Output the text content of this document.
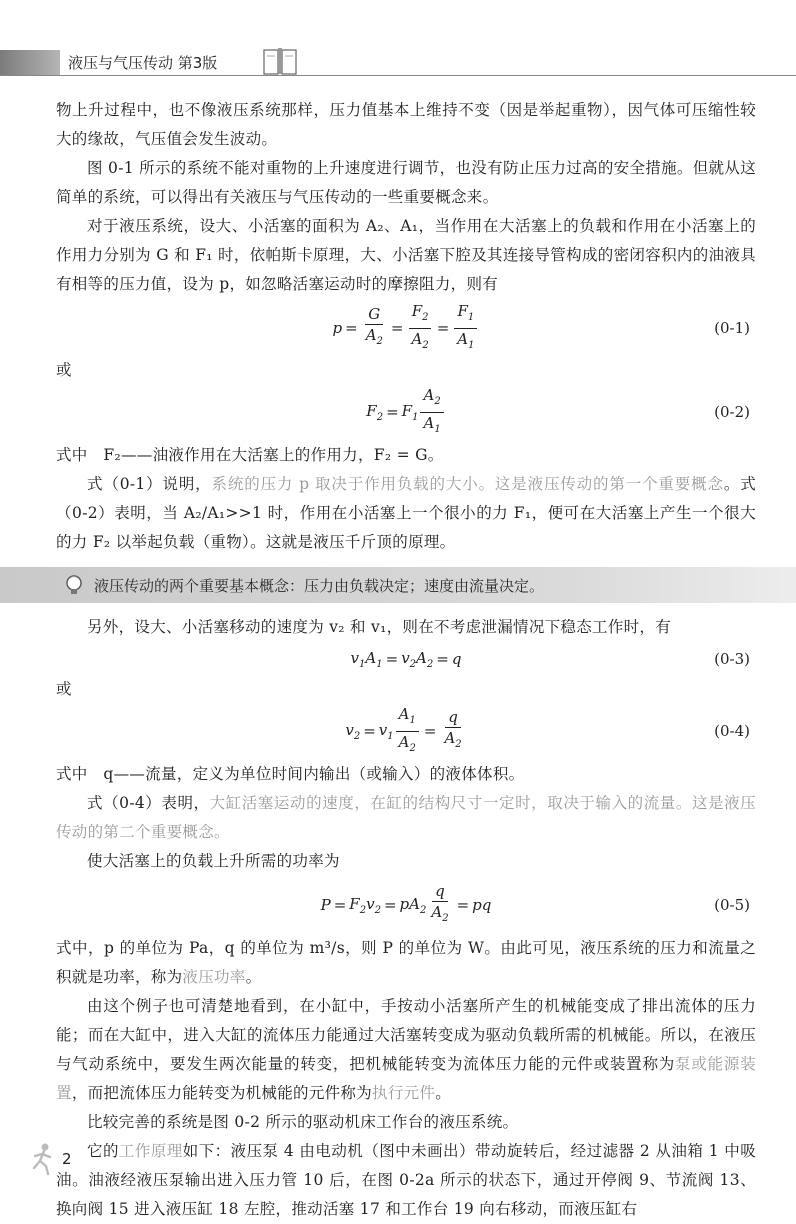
液压与气压传动 第3版

物上升过程中，也不像液压系统那样，压力值基本上维持不变（因是举起重物），因气体可压缩性较大的缘故，气压值会发生波动。

图 0-1 所示的系统不能对重物的上升速度进行调节，也没有防止压力过高的安全措施。但就从这简单的系统，可以得出有关液压与气压传动的一些重要概念来。

对于液压系统，设大、小活塞的面积为 A₂、A₁，当作用在大活塞上的负载和作用在小活塞上的作用力分别为 G 和 F₁ 时，依帕斯卡原理，大、小活塞下腔及其连接导管构成的密闭容积内的油液具有相等的压力值，设为 p，如忽略活塞运动时的摩擦阻力，则有

$p = \frac{G}{A_2} = \frac{F_2}{A_2} = \frac{F_1}{A_1}$	(0-1)

或

$F_2 = F_1 \frac{A_2}{A_1}$	(0-2)

式中　F₂——油液作用在大活塞上的作用力，F₂ = G。

式（0-1）说明，系统的压力 p 取决于作用负载的大小。这是液压传动的第一个重要概念。式（0-2）表明，当 A₂/A₁>>1 时，作用在小活塞上一个很小的力 F₁，便可在大活塞上产生一个很大的力 F₂ 以举起负载（重物）。这就是液压千斤顶的原理。

液压传动的两个重要基本概念：压力由负载决定；速度由流量决定。

另外，设大、小活塞移动的速度为 v₂ 和 v₁，则在不考虑泄漏情况下稳态工作时，有

$v_1A_1 = v_2A_2 = q$	(0-3)

或

$v_2 = v_1 \frac{A_1}{A_2} = \frac{q}{A_2}$	(0-4)

式中　q——流量，定义为单位时间内输出（或输入）的液体体积。

式（0-4）表明，大缸活塞运动的速度，在缸的结构尺寸一定时，取决于输入的流量。这是液压传动的第二个重要概念。

使大活塞上的负载上升所需的功率为

$P = F_2v_2 = pA_2 \frac{q}{A_2}$ = pq	(0-5)

式中，p 的单位为 Pa，q 的单位为 m³/s，则 P 的单位为 W。由此可见，液压系统的压力和流量之积就是功率，称为液压功率。

由这个例子也可清楚地看到，在小缸中，手按动小活塞所产生的机械能变成了排出流体的压力能；而在大缸中，进入大缸的流体压力能通过大活塞转变成为驱动负载所需的机械能。所以，在液压与气动系统中，要发生两次能量的转变，把机械能转变为流体压力能的元件或装置称为泵或能源装置，而把流体压力能转变为机械能的元件称为执行元件。

比较完善的系统是图 0-2 所示的驱动机床工作台的液压系统。

它的工作原理如下：液压泵 4 由电动机（图中未画出）带动旋转后，经过滤器 2 从油箱 1 中吸油。油液经液压泵输出进入压力管 10 后，在图 0-2a 所示的状态下，通过开停阀 9、节流阀 13、换向阀 15 进入液压缸 18 左腔，推动活塞 17 和工作台 19 向右移动，而液压缸右

2
